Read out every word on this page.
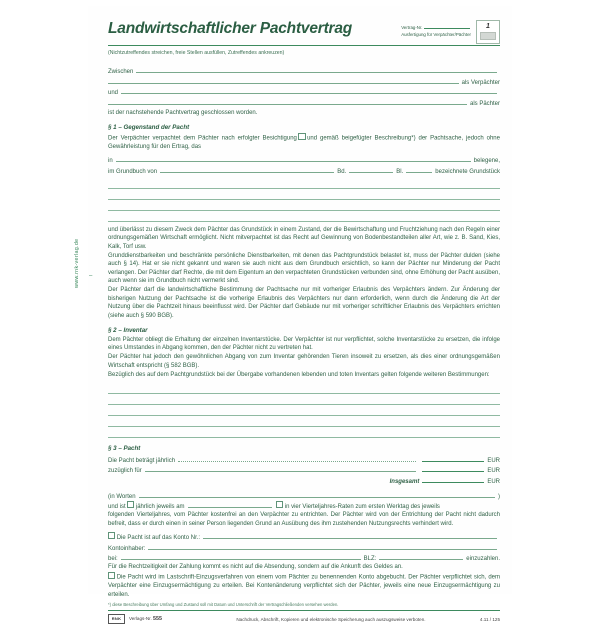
–
www.rnk-verlag.de
Landwirtschaftlicher Pachtvertrag	Vertrag-Nr.
Ausfertigung für Verpächter/Pächter
1
(Nichtzutreffendes streichen, freie Stellen ausfüllen, Zutreffendes ankreuzen)
Zwischen
als Verpächter
und
als Pächter

ist der nachstehende Pachtvertrag geschlossen worden.

§ 1 – Gegenstand der Pacht

Der Verpächter verpachtet dem Pächter nach erfolgter Besichtigung und gemäß beigefügter Beschreibung*) der Pachtsache, jedoch ohne Gewährleistung für den Ertrag, das

in	belegene,
im Grundbuch von	Bd.	Bl.	bezeichnete Grundstück

und überlässt zu diesem Zweck dem Pächter das Grundstück in einem Zustand, der die Bewirtschaftung und Fruchtziehung nach den Regeln einer ordnungsgemäßen Wirtschaft ermöglicht. Nicht mitverpachtet ist das Recht auf Gewinnung von Bodenbestandteilen aller Art, wie z. B. Sand, Kies, Kalk, Torf usw.

Grunddienstbarkeiten und beschränkte persönliche Dienstbarkeiten, mit denen das Pachtgrundstück belastet ist, muss der Pächter dulden (siehe auch § 14). Hat er sie nicht gekannt und waren sie auch nicht aus dem Grundbuch ersichtlich, so kann der Pächter nur Minderung der Pacht verlangen. Der Pächter darf Rechte, die mit dem Eigentum an den verpachteten Grundstücken verbunden sind, ohne Erhöhung der Pacht ausüben, auch wenn sie im Grundbuch nicht vermerkt sind.

Der Pächter darf die landwirtschaftliche Bestimmung der Pachtsache nur mit vorheriger Erlaubnis des Verpächters ändern. Zur Änderung der bisherigen Nutzung der Pachtsache ist die vorherige Erlaubnis des Verpächters nur dann erforderlich, wenn durch die Änderung die Art der Nutzung über die Pachtzeit hinaus beeinflusst wird. Der Pächter darf Gebäude nur mit vorheriger schriftlicher Erlaubnis des Verpächters errichten (siehe auch § 590 BGB).

§ 2 – Inventar

Dem Pächter obliegt die Erhaltung der einzelnen Inventarstücke. Der Verpächter ist nur verpflichtet, solche Inventarstücke zu ersetzen, die infolge eines Umstandes in Abgang kommen, den der Pächter nicht zu vertreten hat.

Der Pächter hat jedoch den gewöhnlichen Abgang von zum Inventar gehörenden Tieren insoweit zu ersetzen, als dies einer ordnungsgemäßen Wirtschaft entspricht (§ 582 BGB).

Bezüglich des auf dem Pachtgrundstück bei der Übergabe vorhandenen lebenden und toten Inventars gelten folgende weiteren Bestimmungen:

§ 3 – Pacht
Die Pacht beträgt jährlich	EUR
zuzüglich für	EUR
Insgesamt	EUR
(in Worten	)
und ist jährlich jeweils am	in vier Vierteljahres-Raten zum ersten Werktag des jeweils

folgenden Vierteljahres, vom Pächter kostenfrei an den Verpächter zu entrichten. Der Pächter wird von der Entrichtung der Pacht nicht dadurch befreit, dass er durch einen in seiner Person liegenden Grund an Ausübung des ihm zustehenden Nutzungsrechts verhindert wird.

Die Pacht ist auf das Konto Nr.:
Kontoinhaber:
bei:	BLZ:	einzuzahlen.

Für die Rechtzeitigkeit der Zahlung kommt es nicht auf die Absendung, sondern auf die Ankunft des Geldes an.

Die Pacht wird im Lastschrift-Einzugsverfahren von einem vom Pächter zu benennenden Konto abgebucht. Der Pächter verpflichtet sich, dem Verpächter eine Einzugsermächtigung zu erteilen. Bei Kontenänderung verpflichtet sich der Pächter, jeweils eine neue Einzugsermächtigung zu erteilen.

*) diese Beschreibung über Umfang und Zustand soll mit Datum und Unterschrift der Vertragschließenden versehen werden.
RNK	Verlags-Nr. 555	Nachdruck, Abschrift, Kopieren und elektronische Speicherung auch auszugsweise verboten.	4.11 / 125
